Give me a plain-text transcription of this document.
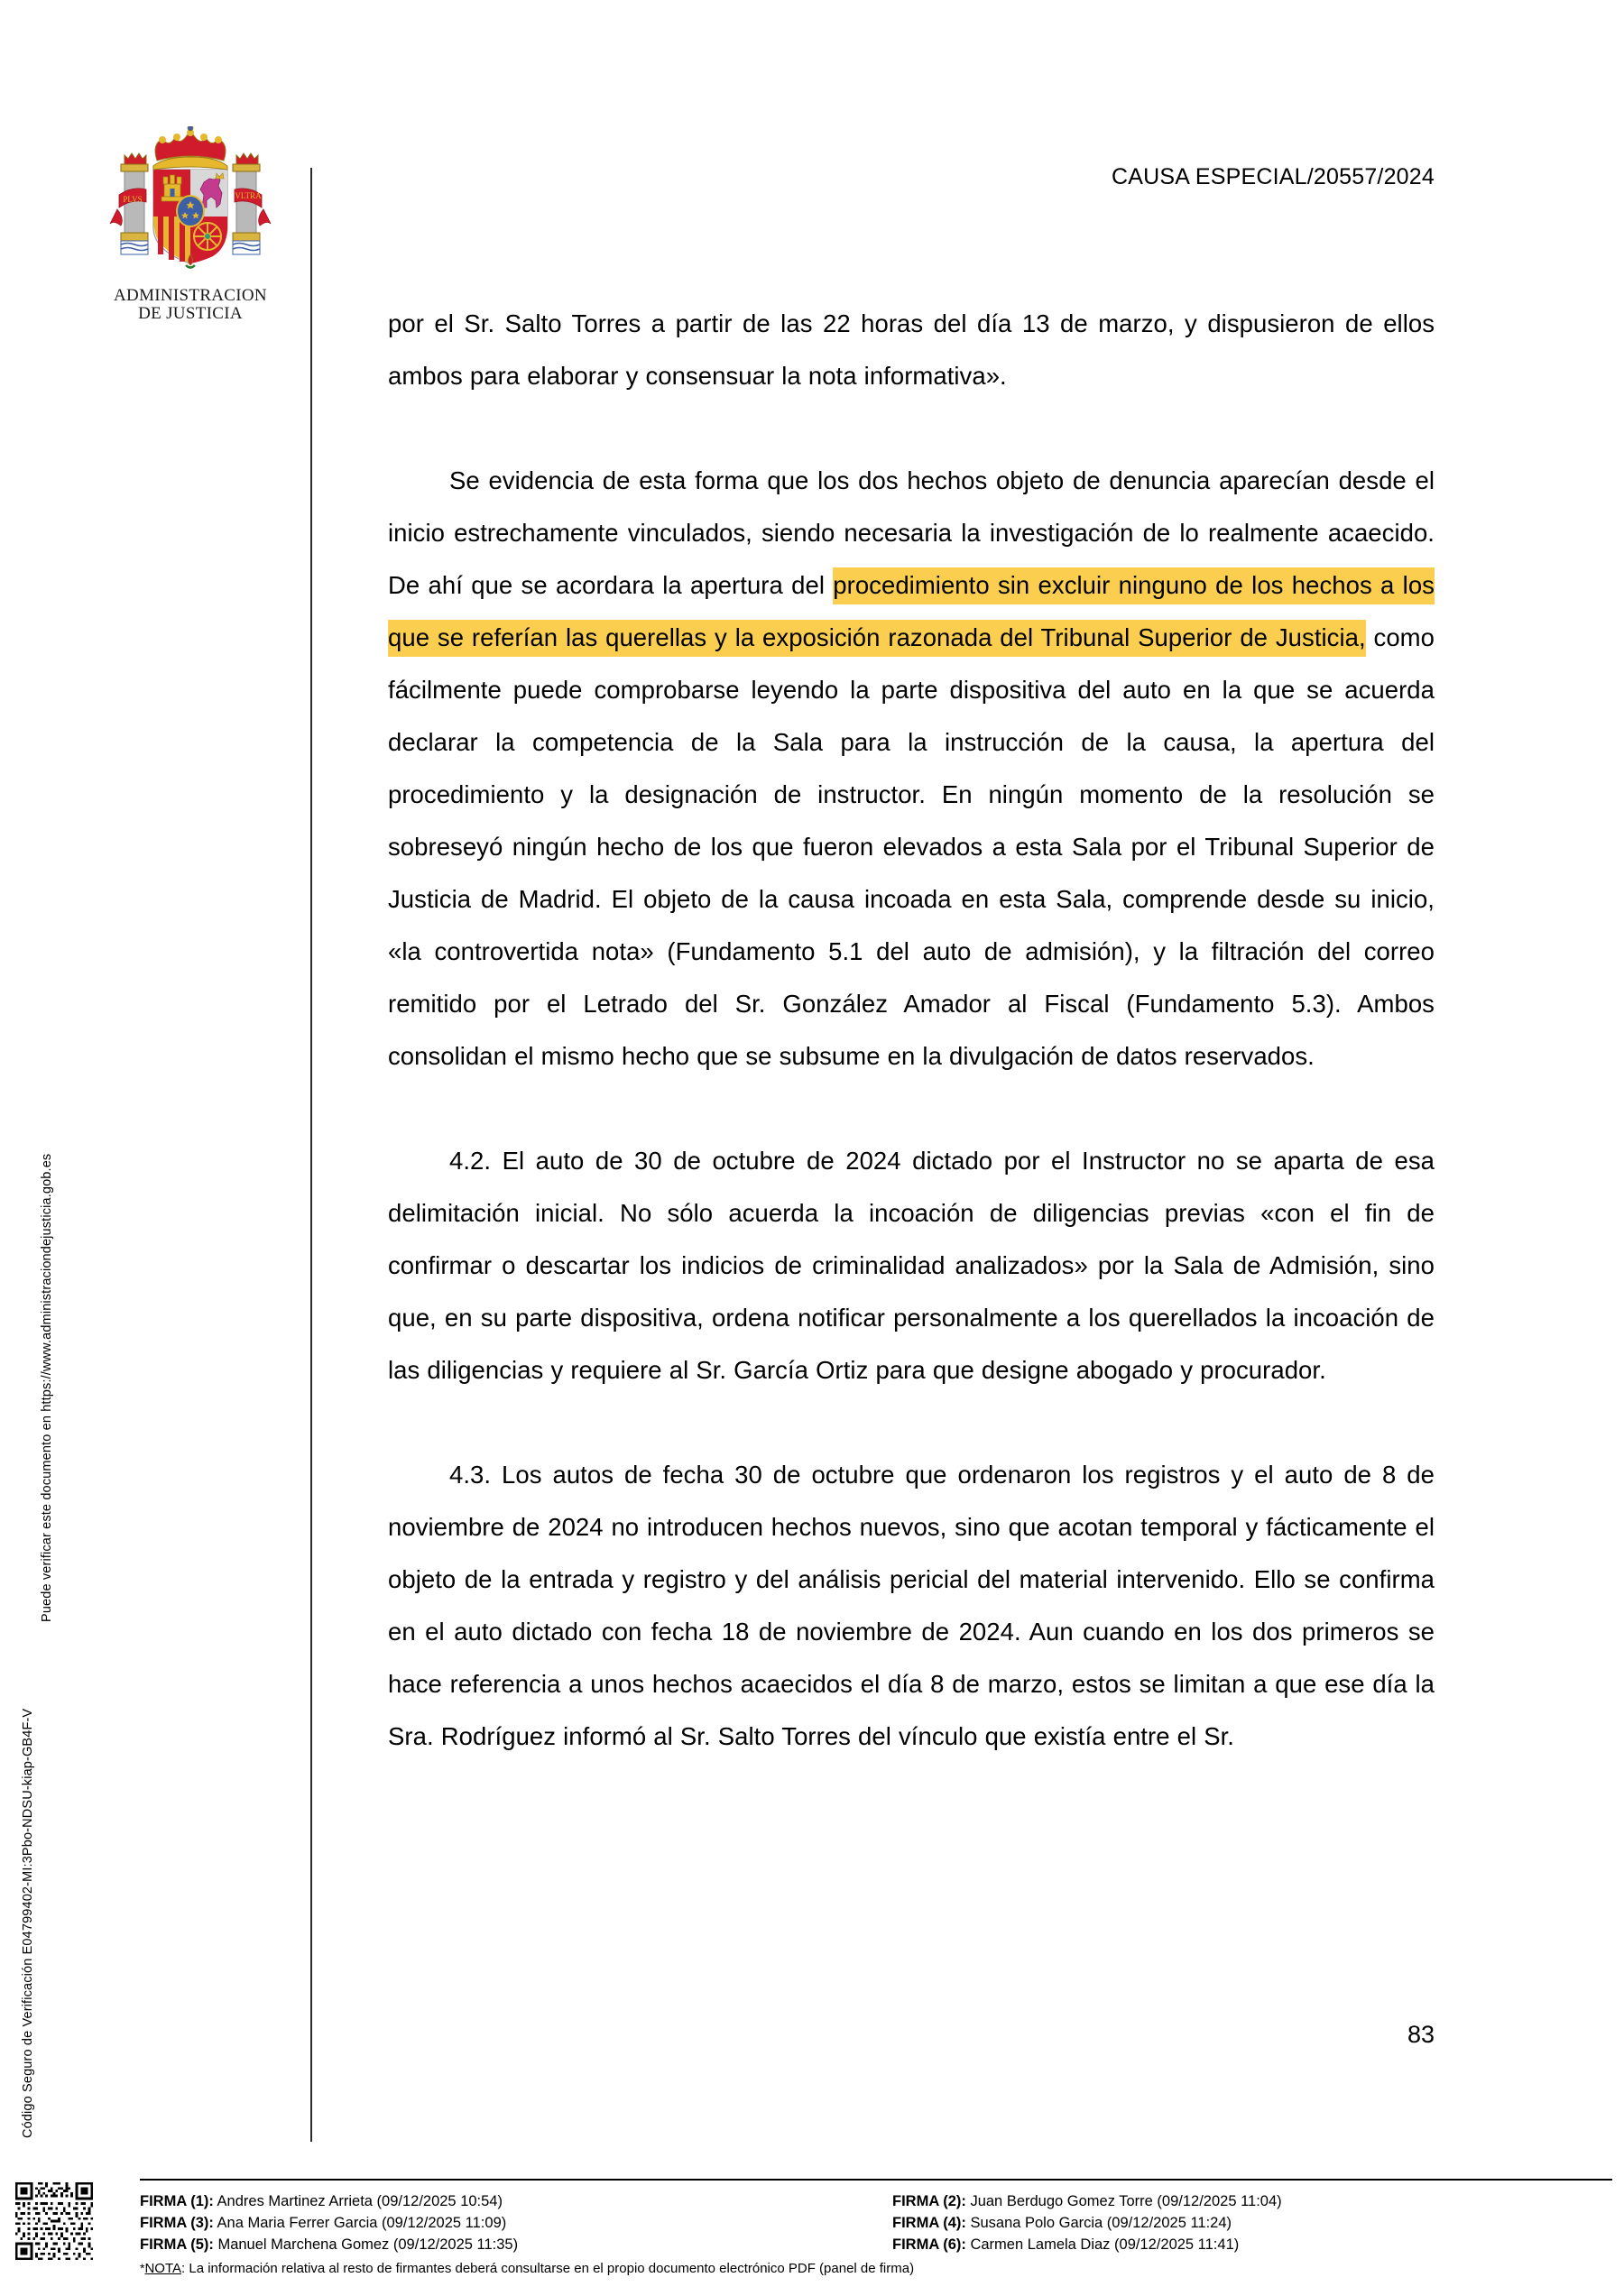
Puede verificar este documento en https://www.administraciondejusticia.gob.es
Código Seguro de Verificación E04799402-MI:3Pbo-NDSU-kiap-GB4F-V
PLVS	VLTRA
ADMINISTRACION
DE JUSTICIA
CAUSA ESPECIAL/20557/2024
por el Sr. Salto Torres a partir de las 22 horas del día 13 de marzo, y dispusieron de ellos ambos para elaborar y consensuar la nota informativa».
Se evidencia de esta forma que los dos hechos objeto de denuncia aparecían desde el inicio estrechamente vinculados, siendo necesaria la investigación de lo realmente acaecido. De ahí que se acordara la apertura del procedimiento sin excluir ninguno de los hechos a los que se referían las querellas y la exposición razonada del Tribunal Superior de Justicia, como fácilmente puede comprobarse leyendo la parte dispositiva del auto en la que se acuerda declarar la competencia de la Sala para la instrucción de la causa, la apertura del procedimiento y la designación de instructor. En ningún momento de la resolución se sobreseyó ningún hecho de los que fueron elevados a esta Sala por el Tribunal Superior de Justicia de Madrid. El objeto de la causa incoada en esta Sala, comprende desde su inicio, «la controvertida nota» (Fundamento 5.1 del auto de admisión), y la filtración del correo remitido por el Letrado del Sr. González Amador al Fiscal (Fundamento 5.3). Ambos consolidan el mismo hecho que se subsume en la divulgación de datos reservados.
4.2. El auto de 30 de octubre de 2024 dictado por el Instructor no se aparta de esa delimitación inicial. No sólo acuerda la incoación de diligencias previas «con el fin de confirmar o descartar los indicios de criminalidad analizados» por la Sala de Admisión, sino que, en su parte dispositiva, ordena notificar personalmente a los querellados la incoación de las diligencias y requiere al Sr. García Ortiz para que designe abogado y procurador.
4.3. Los autos de fecha 30 de octubre que ordenaron los registros y el auto de 8 de noviembre de 2024 no introducen hechos nuevos, sino que acotan temporal y fácticamente el objeto de la entrada y registro y del análisis pericial del material intervenido. Ello se confirma en el auto dictado con fecha 18 de noviembre de 2024. Aun cuando en los dos primeros se hace referencia a unos hechos acaecidos el día 8 de marzo, estos se limitan a que ese día la Sra. Rodríguez informó al Sr. Salto Torres del vínculo que existía entre el Sr.
83
FIRMA (1): Andres Martinez Arrieta (09/12/2025 10:54)
FIRMA (3): Ana Maria Ferrer Garcia (09/12/2025 11:09)
FIRMA (5): Manuel Marchena Gomez (09/12/2025 11:35)
FIRMA (2): Juan Berdugo Gomez Torre (09/12/2025 11:04)
FIRMA (4): Susana Polo Garcia (09/12/2025 11:24)
FIRMA (6): Carmen Lamela Diaz (09/12/2025 11:41)
*NOTA: La información relativa al resto de firmantes deberá consultarse en el propio documento electrónico PDF (panel de firma)
